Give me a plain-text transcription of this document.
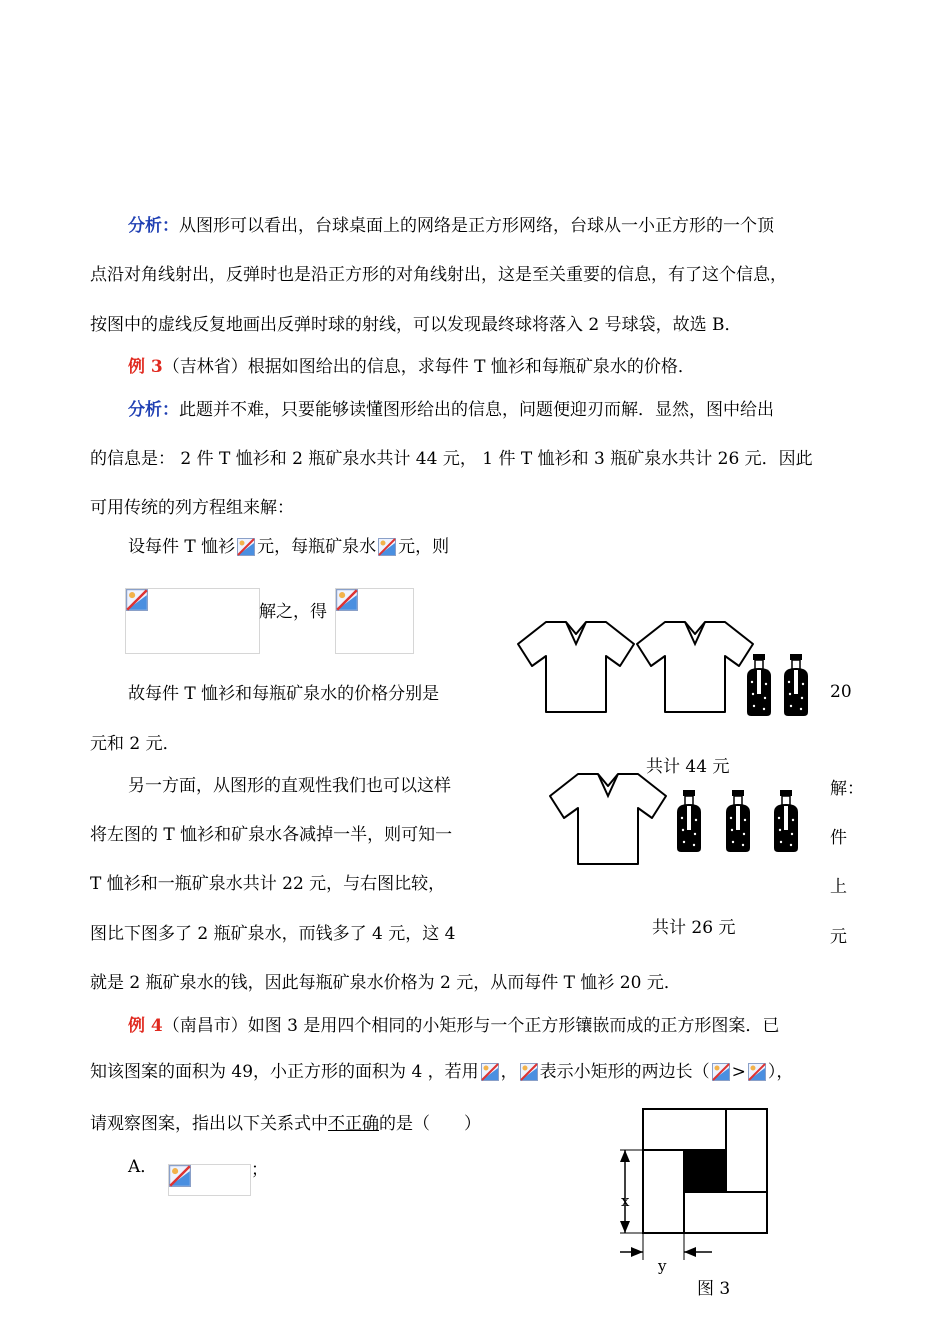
分析：从图形可以看出，台球桌面上的网络是正方形网络，台球从一小正方形的一个顶
点沿对角线射出，反弹时也是沿正方形的对角线射出，这是至关重要的信息，有了这个信息，
按图中的虚线反复地画出反弹时球的射线，可以发现最终球将落入 2 号球袋，故选 B．
例 3（吉林省）根据如图给出的信息，求每件 T 恤衫和每瓶矿泉水的价格．
分析：此题并不难，只要能够读懂图形给出的信息，问题便迎刃而解．显然，图中给出
的信息是： 2 件 T 恤衫和 2 瓶矿泉水共计 44 元， 1 件 T 恤衫和 3 瓶矿泉水共计 26 元．因此
可用传统的列方程组来解：
设每件 T 恤衫 元，每瓶矿泉水 元，则
解之，得
故每件 T 恤衫和每瓶矿泉水的价格分别是	20
元和 2 元．
共计 44 元
共计 26 元
另一方面，从图形的直观性我们也可以这样	解：
将左图的 T 恤衫和矿泉水各减掉一半，则可知一	件
T 恤衫和一瓶矿泉水共计 22 元，与右图比较，	上
图比下图多了 2 瓶矿泉水，而钱多了 4 元，这 4	元
就是 2 瓶矿泉水的钱，因此每瓶矿泉水价格为 2 元，从而每件 T 恤衫 20 元．
例 4（南昌市）如图 3 是用四个相同的小矩形与一个正方形镶嵌而成的正方形图案．已
知该图案的面积为 49，小正方形的面积为 4 ，若用 ， 表示小矩形的两边长（ > ），
请观察图案，指出以下关系式中不正确的是（　　）
A．	；
x
y
图 3
